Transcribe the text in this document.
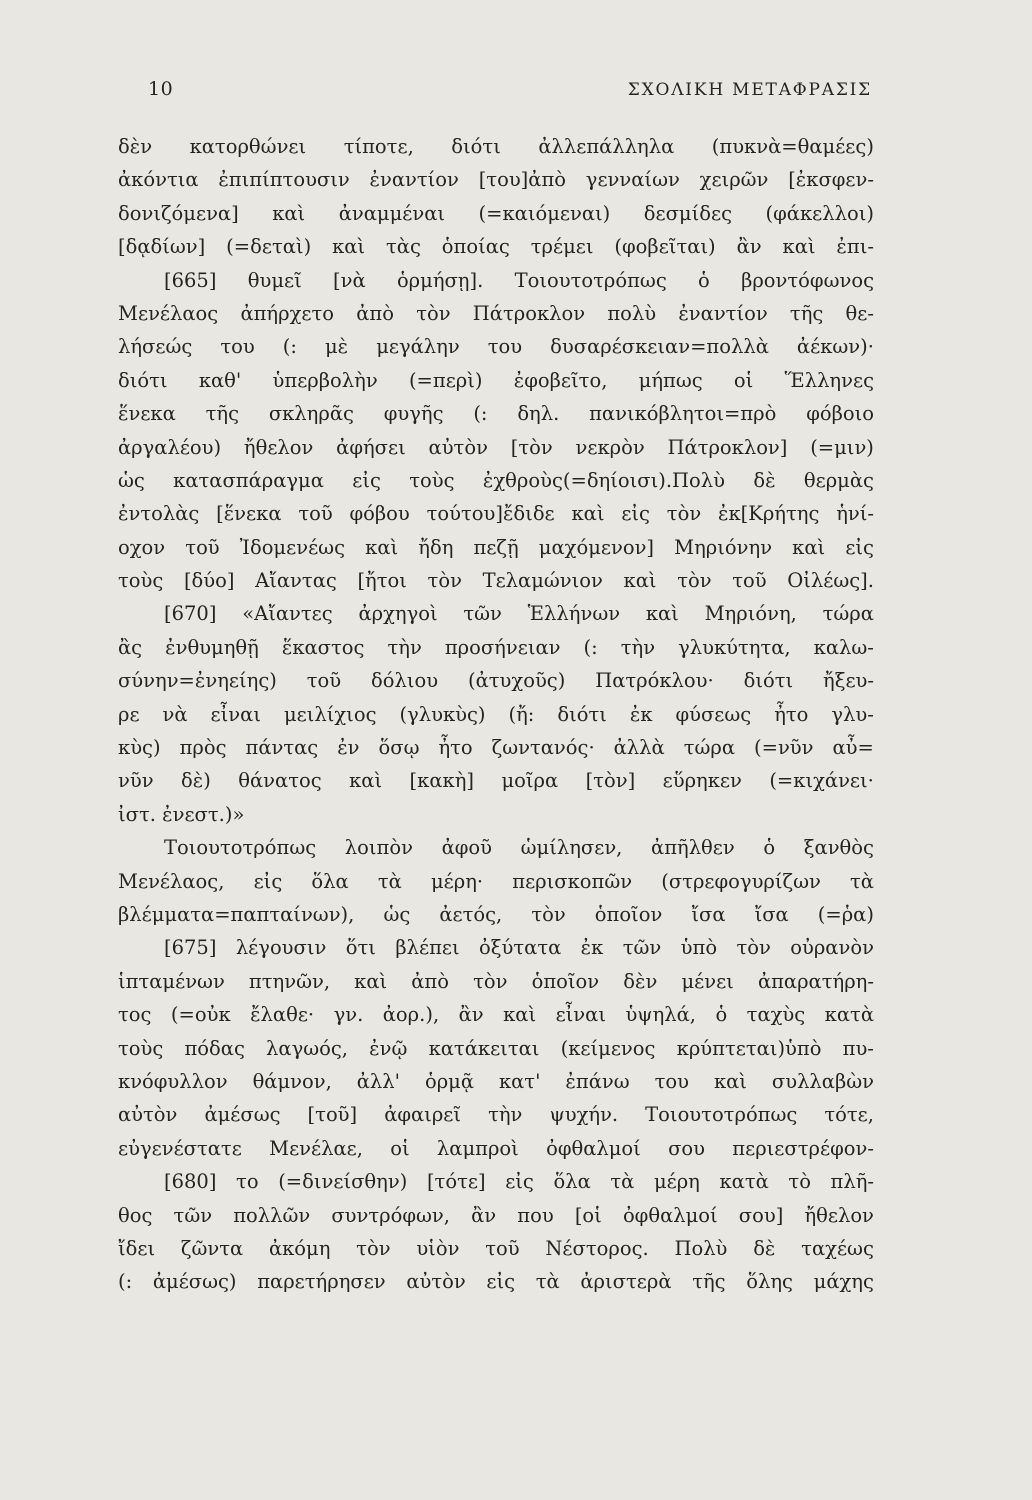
10	ΣΧΟΛΙΚΗ ΜΕΤΑΦΡΑΣΙΣ
δὲν κατορθώνει τίποτε, διότι ἀλλεπάλληλα (πυκνὰ=θαμέες)
ἀκόντια ἐπιπίπτουσιν ἐναντίον [του]ἀπὸ γενναίων χειρῶν [ἐκσφεν-
δονιζόμενα] καὶ ἀναμμέναι (=καιόμεναι) δεσμίδες (φάκελλοι)
[δᾳδίων] (=δεταὶ) καὶ τὰς ὁποίας τρέμει (φοβεῖται) ἂν καὶ ἐπι-
[665] θυμεῖ [νὰ ὁρμήσῃ]. Τοιουτοτρόπως ὁ βροντόφωνος
Μενέλαος ἀπήρχετο ἀπὸ τὸν Πάτροκλον πολὺ ἐναντίον τῆς θε-
λήσεώς του (: μὲ μεγάλην του δυσαρέσκειαν=πολλὰ ἀέκων)·
διότι καθ' ὑπερβολὴν (=περὶ) ἐφοβεῖτο, μήπως οἱ Ἕλληνες
ἕνεκα τῆς σκληρᾶς φυγῆς (: δηλ. πανικόβλητοι=πρὸ φόβοιο
ἀργαλέου) ἤθελον ἀφήσει αὐτὸν [τὸν νεκρὸν Πάτροκλον] (=μιν)
ὡς κατασπάραγμα εἰς τοὺς ἐχθροὺς(=δηίοισι).Πολὺ δὲ θερμὰς
ἐντολὰς [ἕνεκα τοῦ φόβου τούτου]ἔδιδε καὶ εἰς τὸν ἐκ[Κρήτης ἡνί-
οχον τοῦ Ἰδομενέως καὶ ἤδη πεζῇ μαχόμενον] Μηριόνην καὶ εἰς
τοὺς [δύο] Αἴαντας [ἤτοι τὸν Τελαμώνιον καὶ τὸν τοῦ Οἰλέως].
[670] «Αἴαντες ἀρχηγοὶ τῶν Ἑλλήνων καὶ Μηριόνη, τώρα
ἂς ἐνθυμηθῇ ἕκαστος τὴν προσήνειαν (: τὴν γλυκύτητα, καλω-
σύνην=ἐνηείης) τοῦ δόλιου (ἀτυχοῦς) Πατρόκλου· διότι ἤξευ-
ρε νὰ εἶναι μειλίχιος (γλυκὺς) (ἤ: διότι ἐκ φύσεως ἦτο γλυ-
κὺς) πρὸς πάντας ἐν ὅσῳ ἦτο ζωντανός· ἀλλὰ τώρα (=νῦν αὖ=
νῦν δὲ) θάνατος καὶ [κακὴ] μοῖρα [τὸν] εὕρηκεν (=κιχάνει·
ἰστ. ἐνεστ.)»
Τοιουτοτρόπως λοιπὸν ἀφοῦ ὡμίλησεν, ἀπῆλθεν ὁ ξανθὸς
Μενέλαος, εἰς ὅλα τὰ μέρη· περισκοπῶν (στρεφογυρίζων τὰ
βλέμματα=παπταίνων), ὡς ἀετός, τὸν ὁποῖον ἴσα ἴσα (=ῥα)
[675] λέγουσιν ὅτι βλέπει ὀξύτατα ἐκ τῶν ὑπὸ τὸν οὐρανὸν
ἱπταμένων πτηνῶν, καὶ ἀπὸ τὸν ὁποῖον δὲν μένει ἀπαρατήρη-
τος (=οὐκ ἔλαθε· γν. ἀορ.), ἂν καὶ εἶναι ὑψηλά, ὁ ταχὺς κατὰ
τοὺς πόδας λαγωός, ἐνῷ κατάκειται (κείμενος κρύπτεται)ὑπὸ πυ-
κνόφυλλον θάμνον, ἀλλ' ὁρμᾷ κατ' ἐπάνω του καὶ συλλαβὼν
αὐτὸν ἀμέσως [τοῦ] ἀφαιρεῖ τὴν ψυχήν. Τοιουτοτρόπως τότε,
εὐγενέστατε Μενέλαε, οἱ λαμπροὶ ὀφθαλμοί σου περιεστρέφον-
[680] το (=δινείσθην) [τότε] εἰς ὅλα τὰ μέρη κατὰ τὸ πλῆ-
θος τῶν πολλῶν συντρόφων, ἂν που [οἱ ὀφθαλμοί σου] ἤθελον
ἴδει ζῶντα ἀκόμη τὸν υἱὸν τοῦ Νέστορος. Πολὺ δὲ ταχέως
(: ἀμέσως) παρετήρησεν αὐτὸν εἰς τὰ ἀριστερὰ τῆς ὅλης μάχης
